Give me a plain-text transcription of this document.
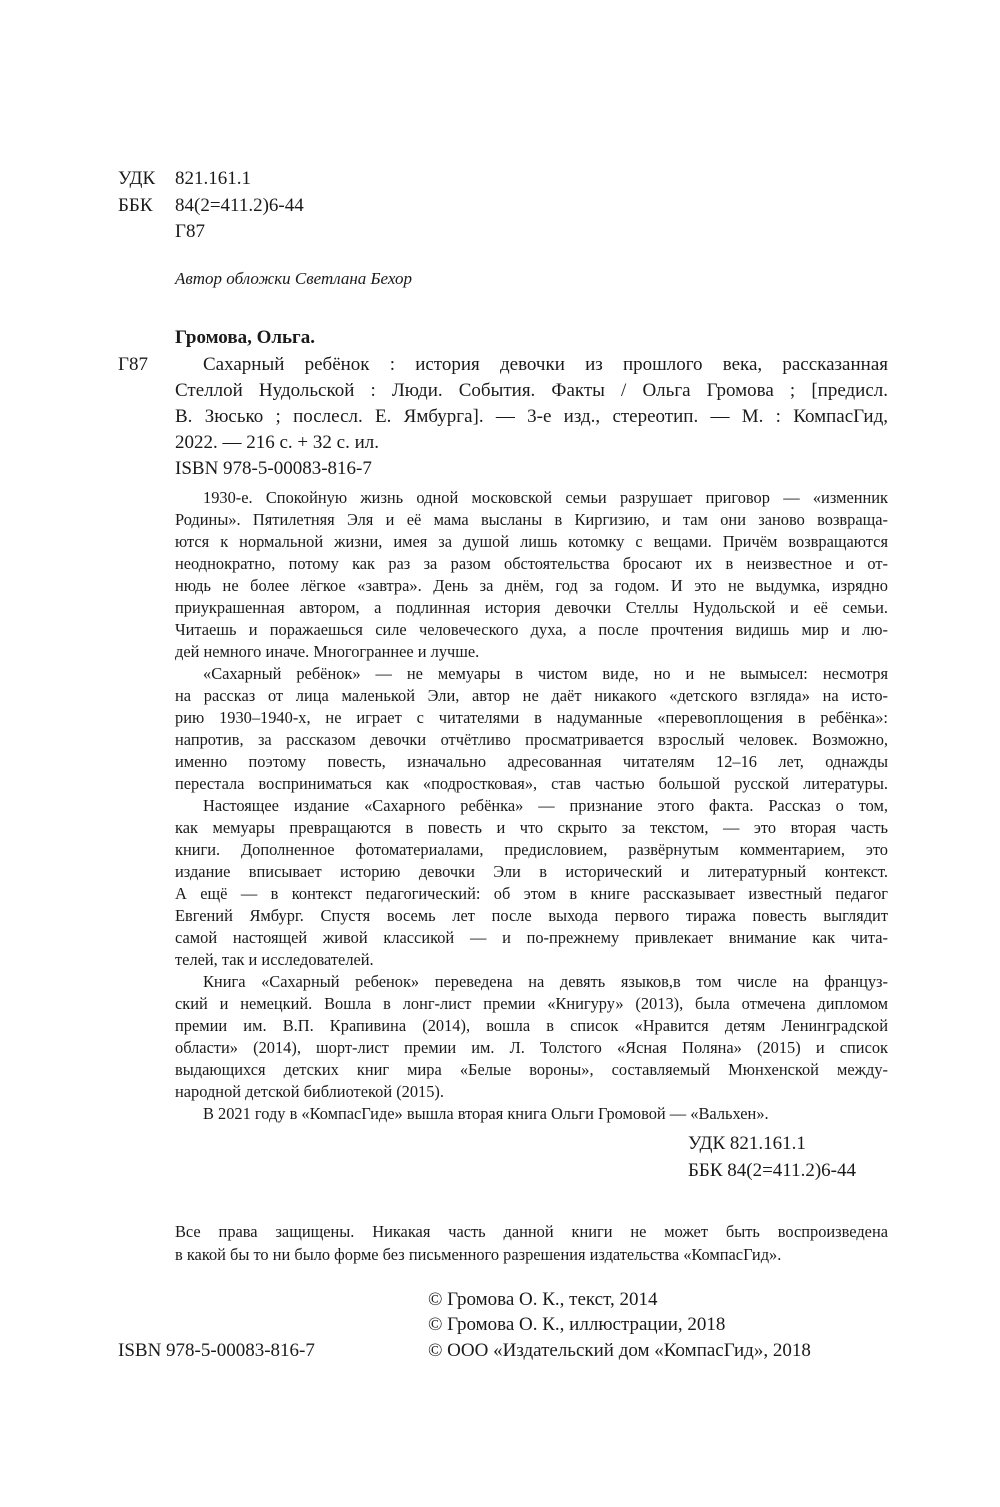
УДК 821.161.1
ББК 84(2=411.2)6-44
Г87
Автор обложки Светлана Бехор
Громова, Ольга.
Г87	Сахарный ребёнок : история девочки из прошлого века, рассказанная
Стеллой Нудольской : Люди. События. Факты / Ольга Громова ; [предисл.
В. Зюсько ; послесл. Е. Ямбурга]. — 3-е изд., стереотип. — М. : КомпасГид,
2022. — 216 с. + 32 с. ил.
ISBN 978-5-00083-816-7
1930-е. Спокойную жизнь одной московской семьи разрушает приговор — «изменник
Родины». Пятилетняя Эля и её мама высланы в Киргизию, и там они заново возвраща-
ются к нормальной жизни, имея за душой лишь котомку с вещами. Причём возвращаются
неоднократно, потому как раз за разом обстоятельства бросают их в неизвестное и от-
нюдь не более лёгкое «завтра». День за днём, год за годом. И это не выдумка, изрядно
приукрашенная автором, а подлинная история девочки Стеллы Нудольской и её семьи.
Читаешь и поражаешься силе человеческого духа, а после прочтения видишь мир и лю-
дей немного иначе. Многограннее и лучше.
«Сахарный ребёнок» — не мемуары в чистом виде, но и не вымысел: несмотря
на рассказ от лица маленькой Эли, автор не даёт никакого «детского взгляда» на исто-
рию 1930–1940-х, не играет с читателями в надуманные «перевоплощения в ребёнка»:
напротив, за рассказом девочки отчётливо просматривается взрослый человек. Возможно,
именно поэтому повесть, изначально адресованная читателям 12–16 лет, однажды
перестала восприниматься как «подростковая», став частью большой русской литературы.
Настоящее издание «Сахарного ребёнка» — признание этого факта. Рассказ о том,
как мемуары превращаются в повесть и что скрыто за текстом, — это вторая часть
книги. Дополненное фотоматериалами, предисловием, развёрнутым комментарием, это
издание вписывает историю девочки Эли в исторический и литературный контекст.
А ещё — в контекст педагогический: об этом в книге рассказывает известный педагог
Евгений Ямбург. Спустя восемь лет после выхода первого тиража повесть выглядит
самой настоящей живой классикой — и по-прежнему привлекает внимание как чита-
телей, так и исследователей.
Книга «Сахарный ребенок» переведена на девять языков,в том числе на француз-
ский и немецкий. Вошла в лонг-лист премии «Книгуру» (2013), была отмечена дипломом
премии им. В.П. Крапивина (2014), вошла в список «Нравится детям Ленинградской
области» (2014), шорт-лист премии им. Л. Толстого «Ясная Поляна» (2015) и список
выдающихся детских книг мира «Белые вороны», составляемый Мюнхенской между-
народной детской библиотекой (2015).
В 2021 году в «КомпасГиде» вышла вторая книга Ольги Громовой — «Вальхен».
УДК 821.161.1
ББК 84(2=411.2)6-44
Все права защищены. Никакая часть данной книги не может быть воспроизведена
в какой бы то ни было форме без письменного разрешения издательства «КомпасГид».
© Громова О. К., текст, 2014
© Громова О. К., иллюстрации, 2018
ISBN 978-5-00083-816-7	© ООО «Издательский дом «КомпасГид», 2018
